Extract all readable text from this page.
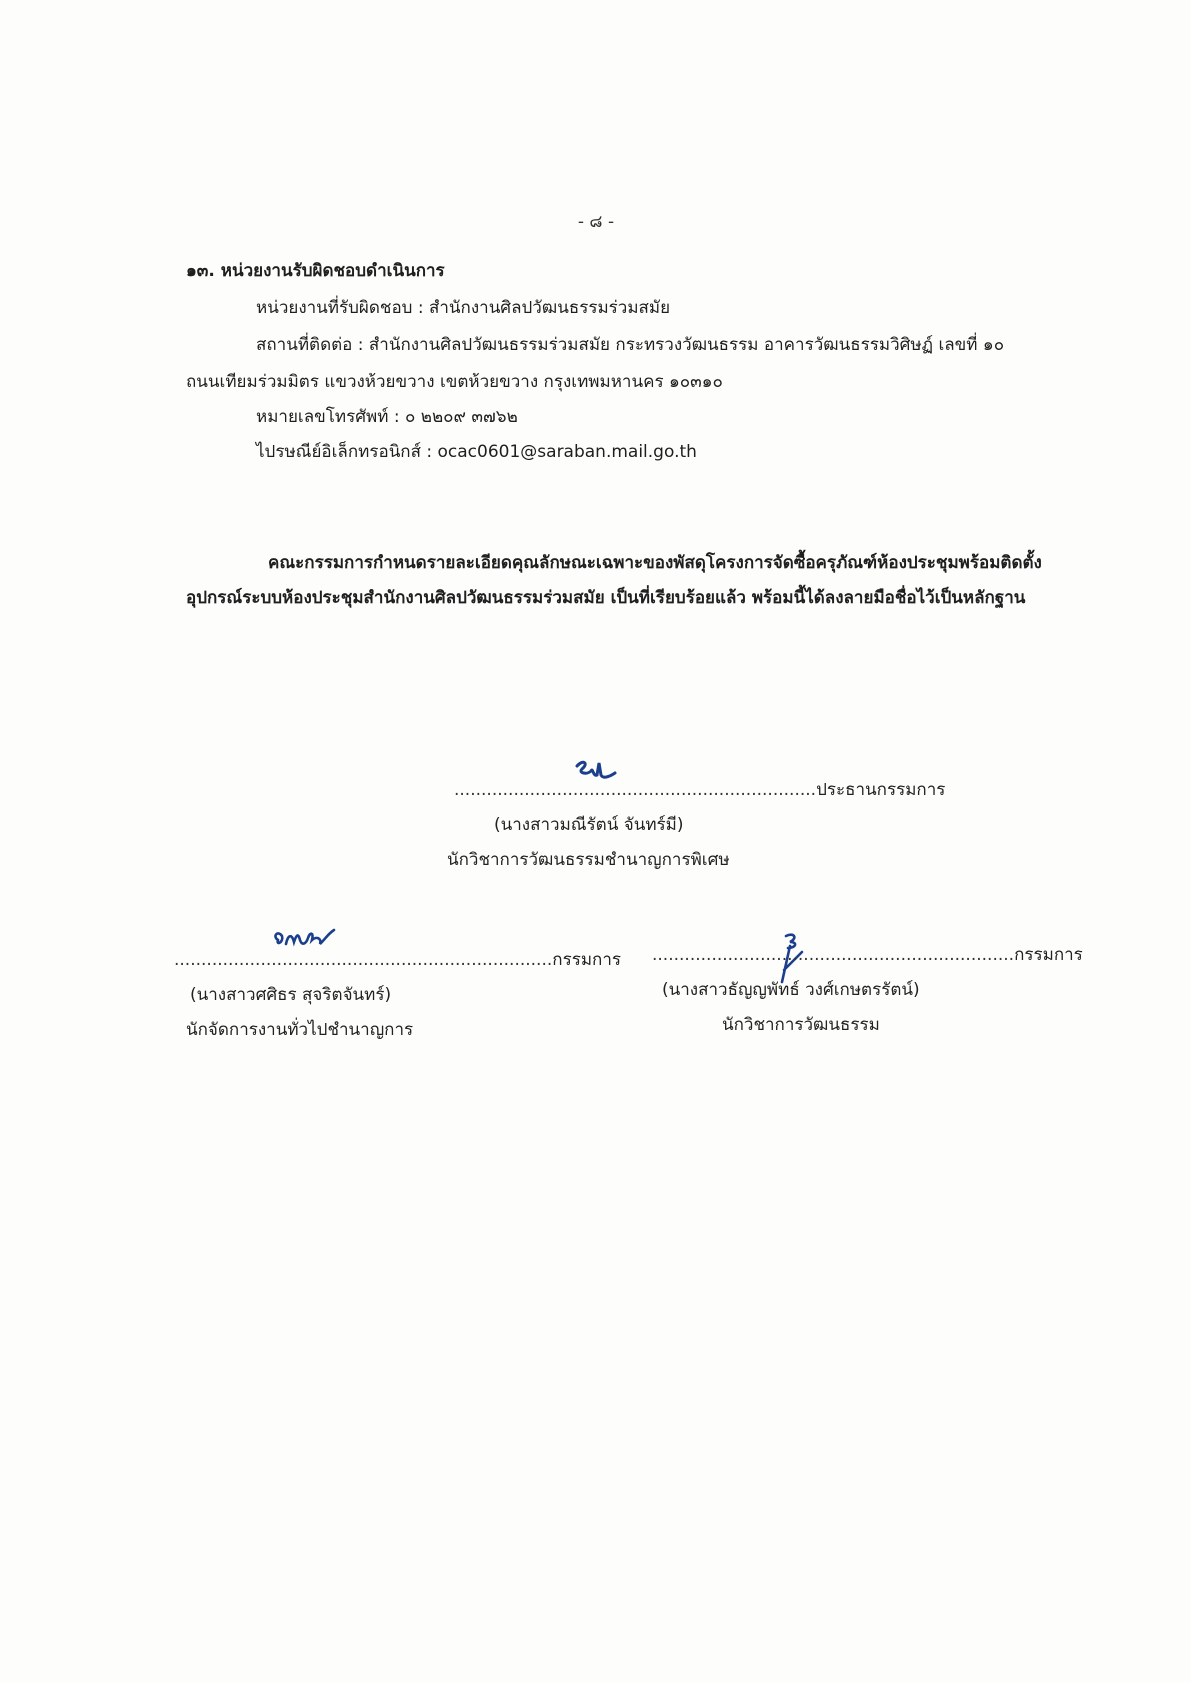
- ๘ -
๑๓. หน่วยงานรับผิดชอบดำเนินการ
หน่วยงานที่รับผิดชอบ : สำนักงานศิลปวัฒนธรรมร่วมสมัย
สถานที่ติดต่อ : สำนักงานศิลปวัฒนธรรมร่วมสมัย กระทรวงวัฒนธรรม อาคารวัฒนธรรมวิศิษฏ์ เลขที่ ๑๐
ถนนเทียมร่วมมิตร แขวงห้วยขวาง เขตห้วยขวาง กรุงเทพมหานคร ๑๐๓๑๐
หมายเลขโทรศัพท์ : ๐ ๒๒๐๙ ๓๗๖๒
ไปรษณีย์อิเล็กทรอนิกส์ : ocac0601@saraban.mail.go.th
คณะกรรมการกำหนดรายละเอียดคุณลักษณะเฉพาะของพัสดุโครงการจัดซื้อครุภัณฑ์ห้องประชุมพร้อมติดตั้งอุปกรณ์ระบบห้องประชุมสำนักงานศิลปวัฒนธรรมร่วมสมัย เป็นที่เรียบร้อยแล้ว พร้อมนี้ได้ลงลายมือชื่อไว้เป็นหลักฐาน
...................................................................ประธานกรรมการ
(นางสาวมณีรัตน์ จันทร์มี)
นักวิชาการวัฒนธรรมชำนาญการพิเศษ
......................................................................กรรมการ
(นางสาวศศิธร สุจริตจันทร์)
นักจัดการงานทั่วไปชำนาญการ
...................................................................กรรมการ
(นางสาวธัญญพัทธ์ วงศ์เกษตรรัตน์)
นักวิชาการวัฒนธรรม
